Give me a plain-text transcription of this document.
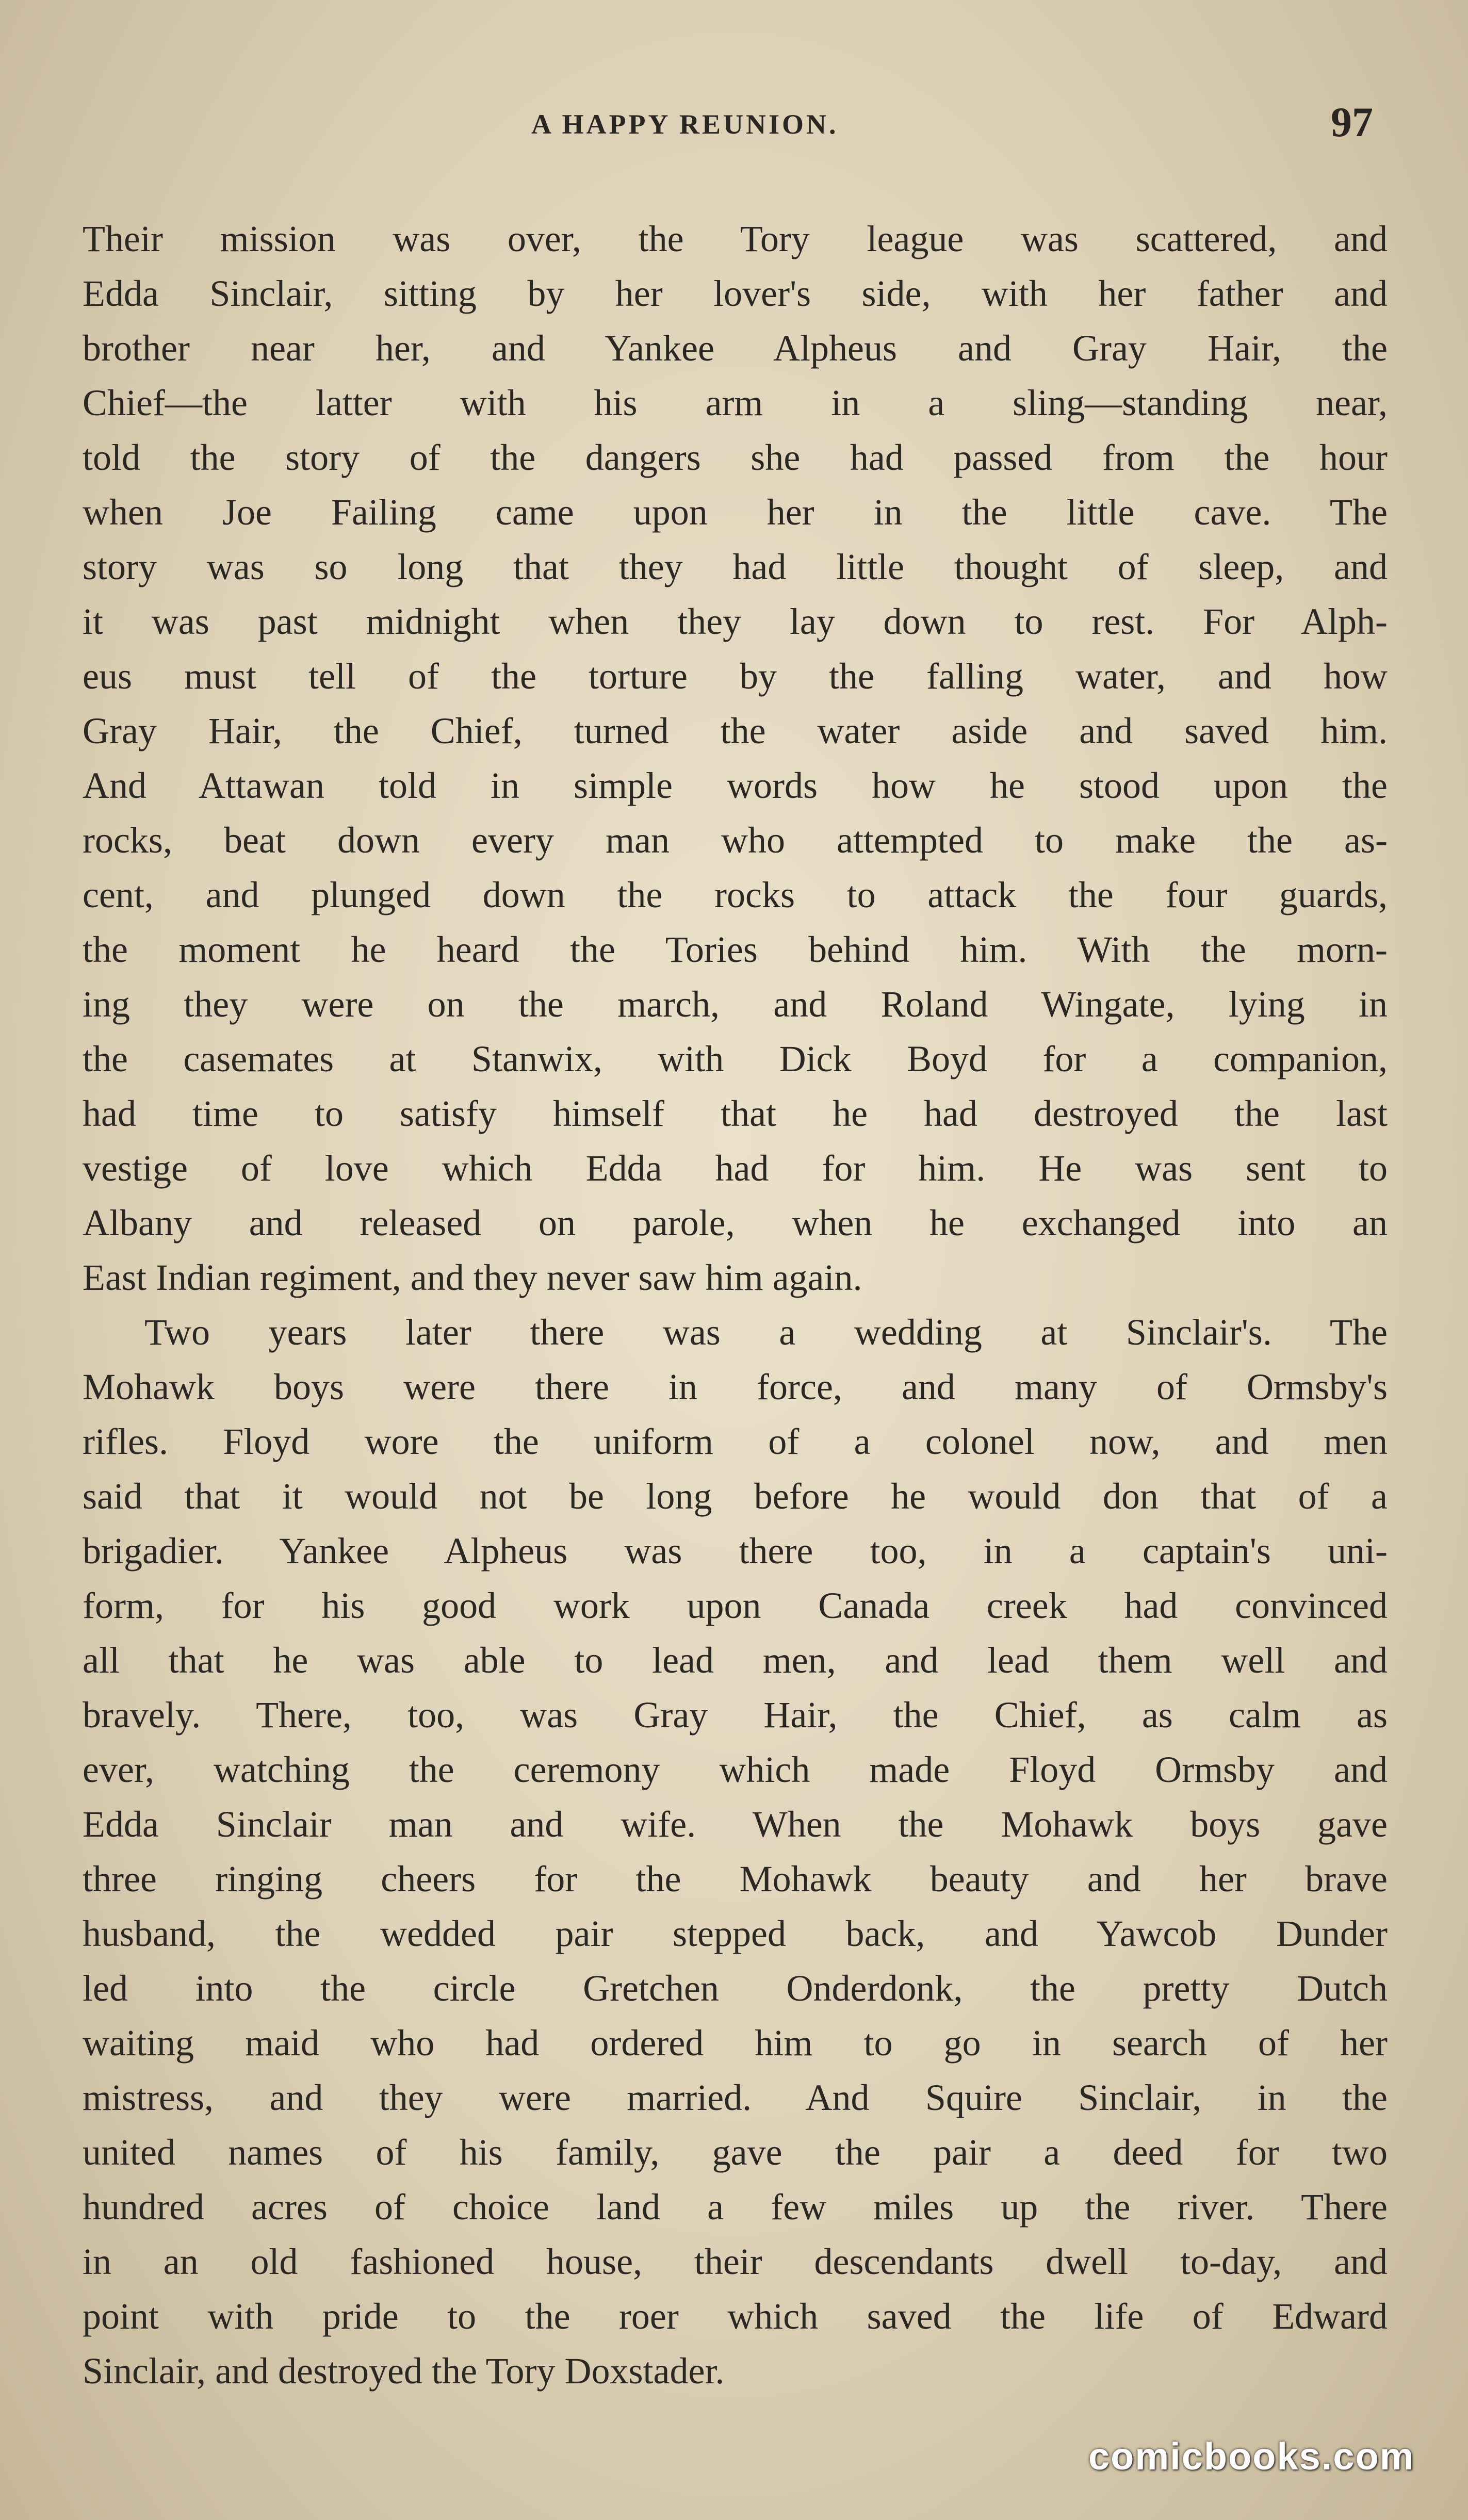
A HAPPY REUNION.	97
Their mission was over, the Tory league was scattered, and
Edda Sinclair, sitting by her lover's side, with her father and
brother near her, and Yankee Alpheus and Gray Hair, the
Chief—the latter with his arm in a sling—standing near,
told the story of the dangers she had passed from the hour
when Joe Failing came upon her in the little cave. The
story was so long that they had little thought of sleep, and
it was past midnight when they lay down to rest. For Alph-
eus must tell of the torture by the falling water, and how
Gray Hair, the Chief, turned the water aside and saved him.
And Attawan told in simple words how he stood upon the
rocks, beat down every man who attempted to make the as-
cent, and plunged down the rocks to attack the four guards,
the moment he heard the Tories behind him. With the morn-
ing they were on the march, and Roland Wingate, lying in
the casemates at Stanwix, with Dick Boyd for a companion,
had time to satisfy himself that he had destroyed the last
vestige of love which Edda had for him. He was sent to
Albany and released on parole, when he exchanged into an
East Indian regiment, and they never saw him again.
Two years later there was a wedding at Sinclair's. The
Mohawk boys were there in force, and many of Ormsby's
rifles. Floyd wore the uniform of a colonel now, and men
said that it would not be long before he would don that of a
brigadier. Yankee Alpheus was there too, in a captain's uni-
form, for his good work upon Canada creek had convinced
all that he was able to lead men, and lead them well and
bravely. There, too, was Gray Hair, the Chief, as calm as
ever, watching the ceremony which made Floyd Ormsby and
Edda Sinclair man and wife. When the Mohawk boys gave
three ringing cheers for the Mohawk beauty and her brave
husband, the wedded pair stepped back, and Yawcob Dunder
led into the circle Gretchen Onderdonk, the pretty Dutch
waiting maid who had ordered him to go in search of her
mistress, and they were married. And Squire Sinclair, in the
united names of his family, gave the pair a deed for two
hundred acres of choice land a few miles up the river. There
in an old fashioned house, their descendants dwell to-day, and
point with pride to the roer which saved the life of Edward
Sinclair, and destroyed the Tory Doxstader.
comicbooks.com
